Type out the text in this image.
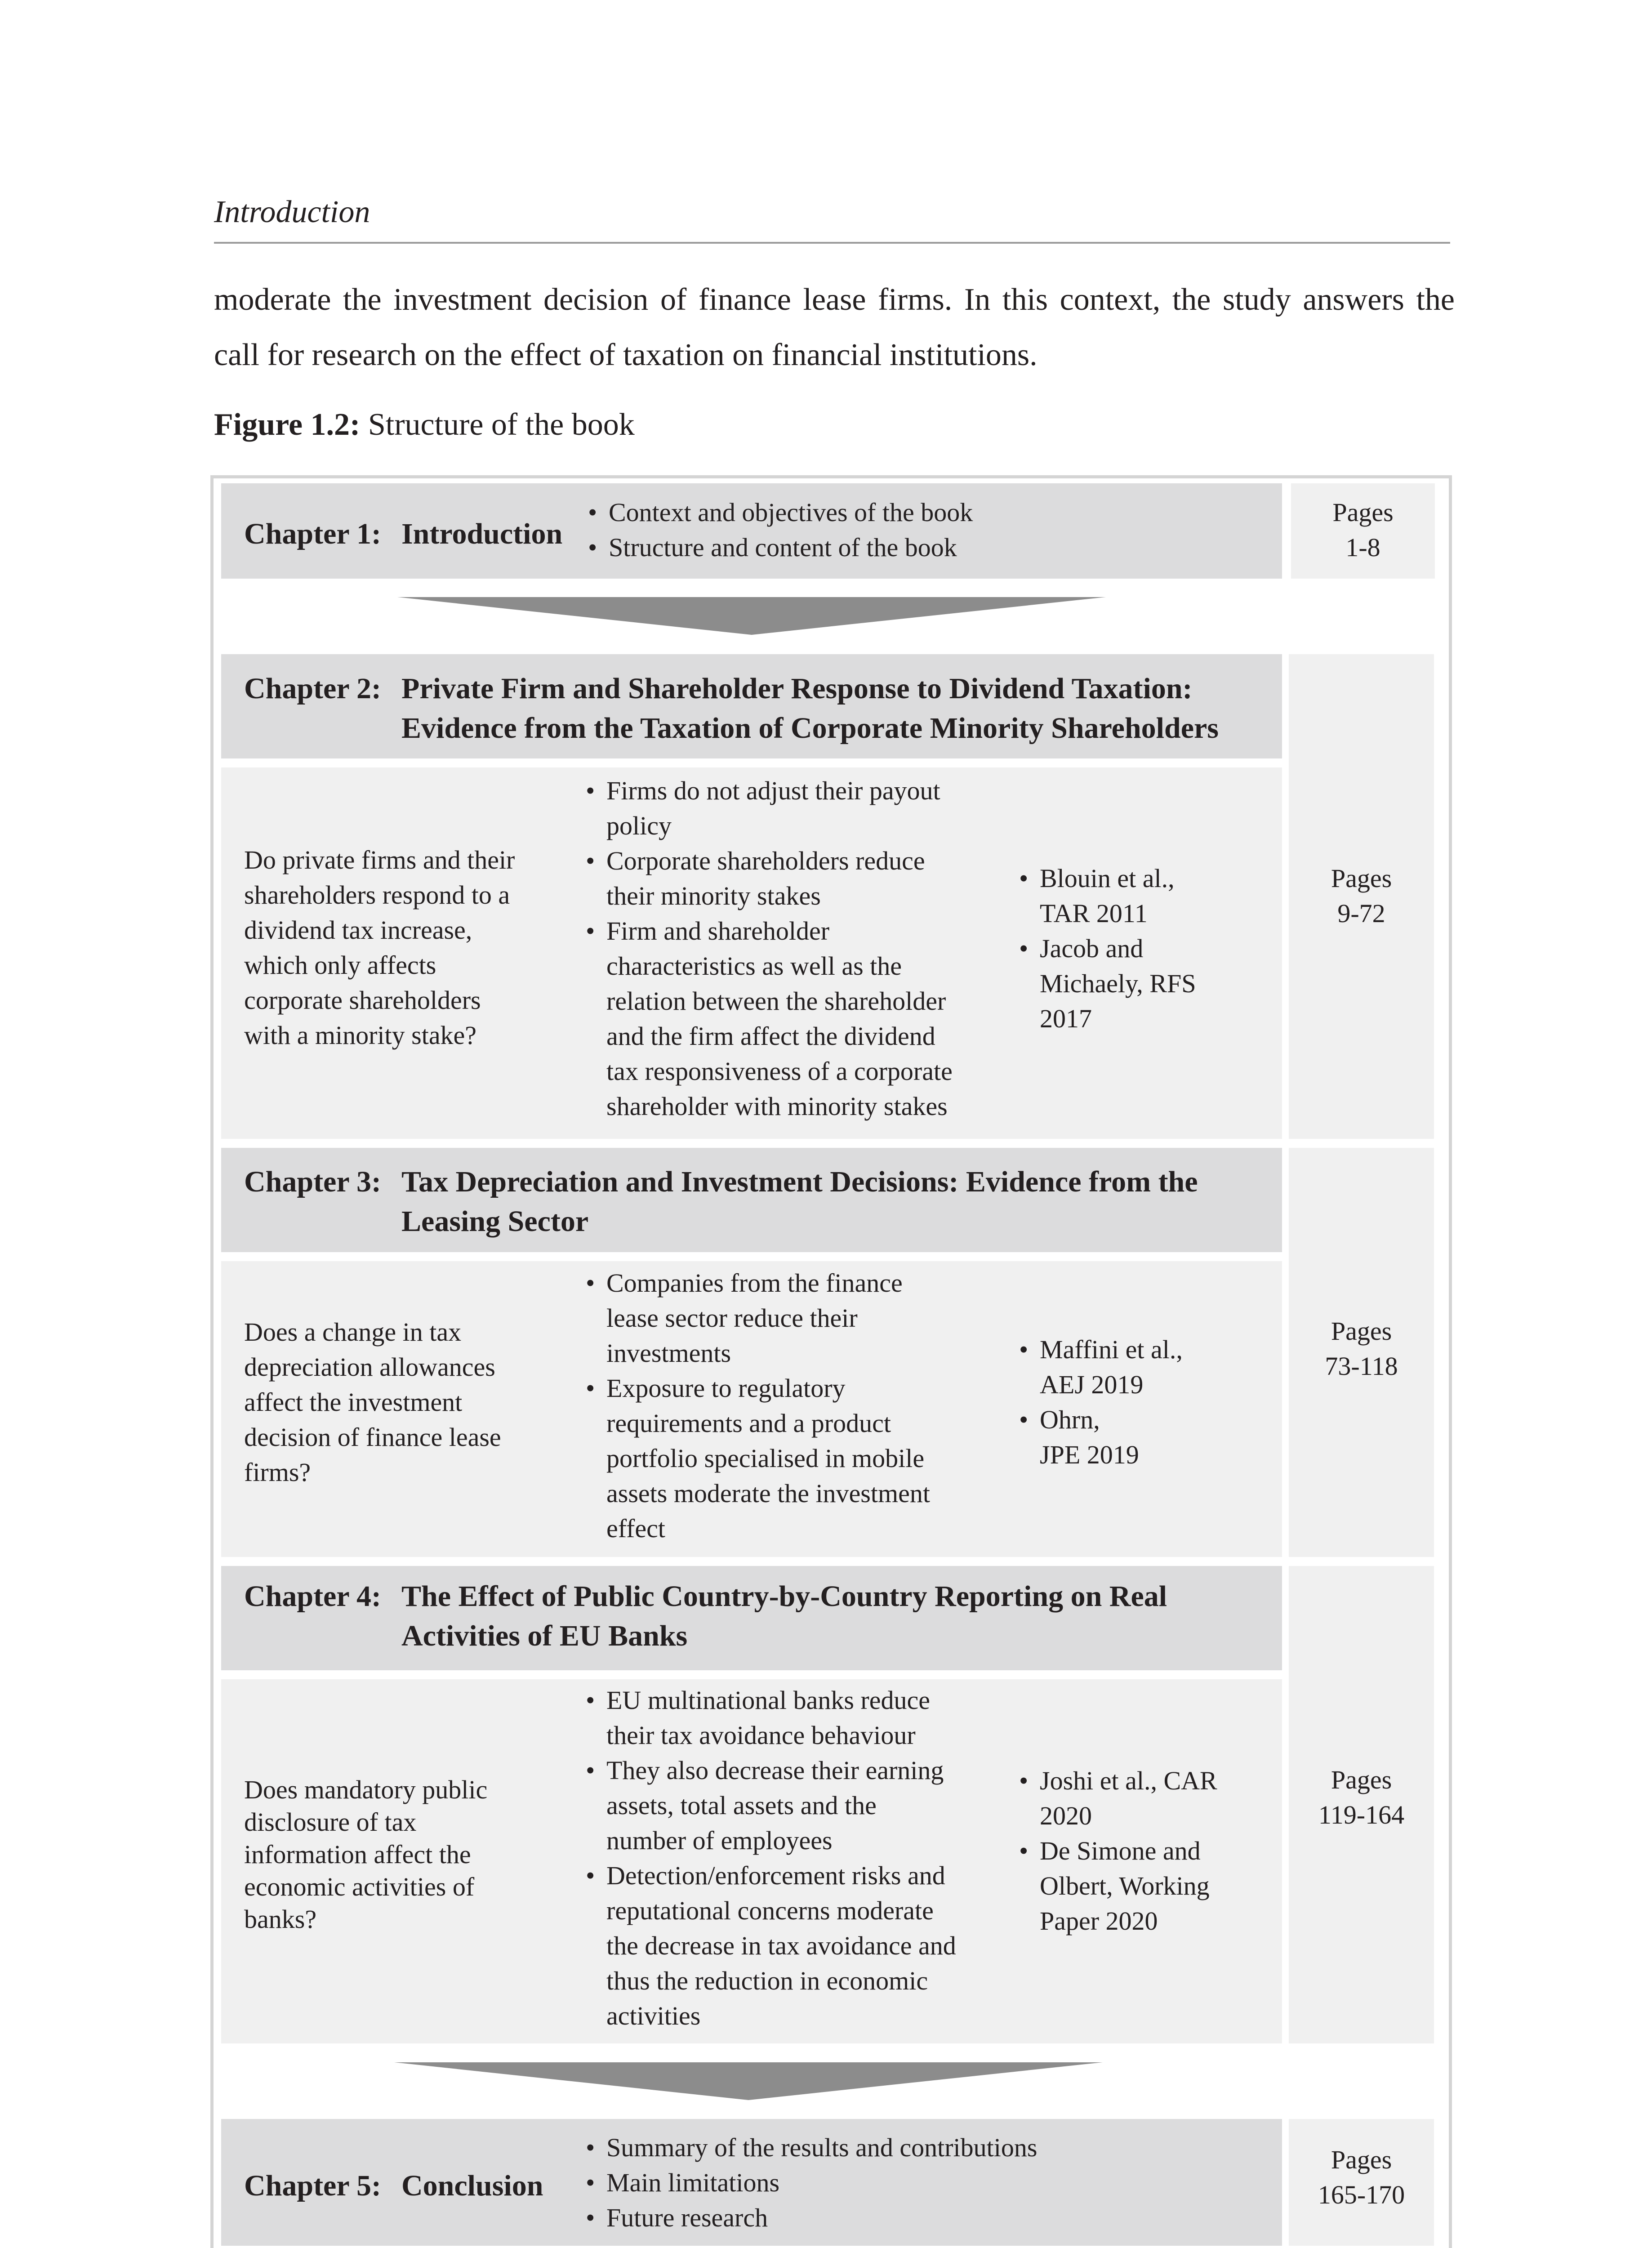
Introduction
moderate the investment decision of finance lease firms. In this context, the study answers the
call for research on the effect of taxation on financial institutions.
Figure 1.2: Structure of the book
Chapter 1: Introduction
• Context and objectives of the book
• Structure and content of the book
Pages
1-8
Chapter 2: Private Firm and Shareholder Response to Dividend Taxation:
Evidence from the Taxation of Corporate Minority Shareholders
Do private firms and their
shareholders respond to a
dividend tax increase,
which only affects
corporate shareholders
with a minority stake?
• Firms do not adjust their payout
policy
• Corporate shareholders reduce
their minority stakes
• Firm and shareholder
characteristics as well as the
relation between the shareholder
and the firm affect the dividend
tax responsiveness of a corporate
shareholder with minority stakes
• Blouin et al.,
TAR 2011
• Jacob and
Michaely, RFS
2017
Pages
9-72
Chapter 3: Tax Depreciation and Investment Decisions: Evidence from the
Leasing Sector
Does a change in tax
depreciation allowances
affect the investment
decision of finance lease
firms?
• Companies from the finance
lease sector reduce their
investments
• Exposure to regulatory
requirements and a product
portfolio specialised in mobile
assets moderate the investment
effect
• Maffini et al.,
AEJ 2019
• Ohrn,
JPE 2019
Pages
73-118
Chapter 4: The Effect of Public Country-by-Country Reporting on Real
Activities of EU Banks
Does mandatory public
disclosure of tax
information affect the
economic activities of
banks?
• EU multinational banks reduce
their tax avoidance behaviour
• They also decrease their earning
assets, total assets and the
number of employees
• Detection/enforcement risks and
reputational concerns moderate
the decrease in tax avoidance and
thus the reduction in economic
activities
• Joshi et al., CAR
2020
• De Simone and
Olbert, Working
Paper 2020
Pages
119-164
Chapter 5: Conclusion
• Summary of the results and contributions
• Main limitations
• Future research
Pages
165-170
